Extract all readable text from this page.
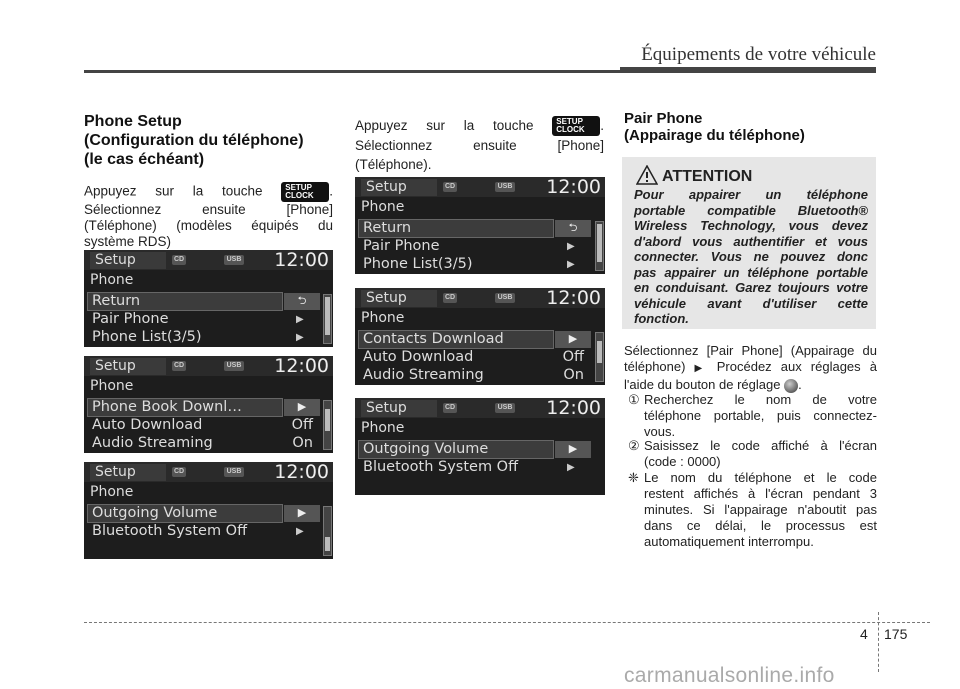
Équipements de votre véhicule
Phone Setup
(Configuration du téléphone)
(le cas échéant)
Appuyez sur la touche	SETUP
CLOCK .
Sélectionnez ensuite [Phone]
(Téléphone) (modèles équipés du
système RDS)
Setup	CD	USB 12:00
Phone
Return	⮌
Pair Phone	▶
Phone List(3/5)	▶
Setup	CD	USB 12:00
Phone
Phone Book Downl…	▶
Auto Download	Off
Audio Streaming	On
Setup	CD	USB 12:00
Phone
Outgoing Volume	▶
Bluetooth System Off	▶
Appuyez sur la touche	SETUP
CLOCK .
Sélectionnez ensuite [Phone]
(Téléphone).
Setup	CD	USB 12:00
Phone
Return	⮌
Pair Phone	▶
Phone List(3/5)	▶
Setup	CD	USB 12:00
Phone
Contacts Download	▶
Auto Download	Off
Audio Streaming	On
Setup	CD	USB 12:00
Phone
Outgoing Volume	▶
Bluetooth System Off	▶
Pair Phone
(Appairage du téléphone)
ATTENTION
Pour appairer un téléphone
portable compatible Bluetooth®
Wireless Technology, vous devez
d'abord vous authentifier et vous
connecter. Vous ne pouvez donc
pas appairer un téléphone portable
en conduisant. Garez toujours votre
véhicule avant d'utiliser cette
fonction.
Sélectionnez [Pair Phone] (Appairage du
téléphone) ▶ Procédez aux réglages à
l'aide du bouton de réglage .
① Recherchez le nom de votre
téléphone portable, puis connectez-
vous.
② Saisissez le code affiché à l'écran
(code : 0000)
❈ Le nom du téléphone et le code
restent affichés à l'écran pendant 3
minutes. Si l'appairage n'aboutit pas
dans ce délai, le processus est
automatiquement interrompu.
4 175
carmanualsonline.info
